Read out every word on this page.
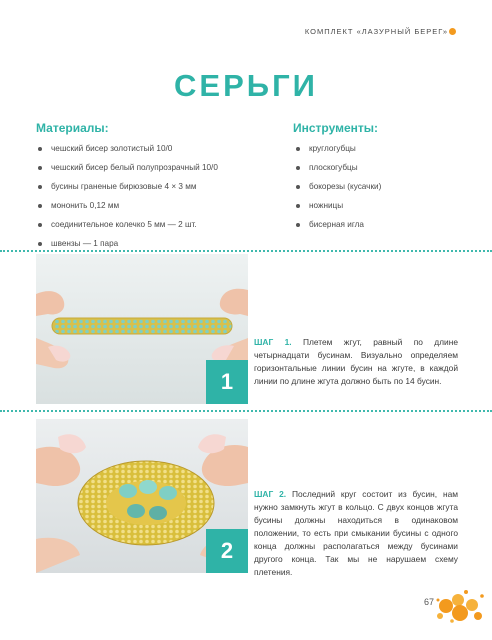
КОМПЛЕКТ «ЛАЗУРНЫЙ БЕРЕГ»
СЕРЬГИ
Материалы:
чешский бисер золотистый 10/0
чешский бисер белый полупрозрачный 10/0
бусины граненые бирюзовые 4 × 3 мм
мононить 0,12 мм
соединительное колечко 5 мм — 2 шт.
швензы — 1 пара
Инструменты:
круглогубцы
плоскогубцы
бокорезы (кусачки)
ножницы
бисерная игла
1
ШАГ 1. Плетем жгут, равный по длине четырнадцати бусинам. Визуально определяем горизонтальные линии бусин на жгуте, в каждой линии по длине жгута должно быть по 14 бусин.
2
ШАГ 2. Последний круг состоит из бусин, нам нужно замкнуть жгут в кольцо. С двух концов жгута бусины должны находиться в одинаковом положении, то есть при смыкании бусины с одного конца должны располагаться между бусинами другого конца. Так мы не нарушаем схему плетения.
67
